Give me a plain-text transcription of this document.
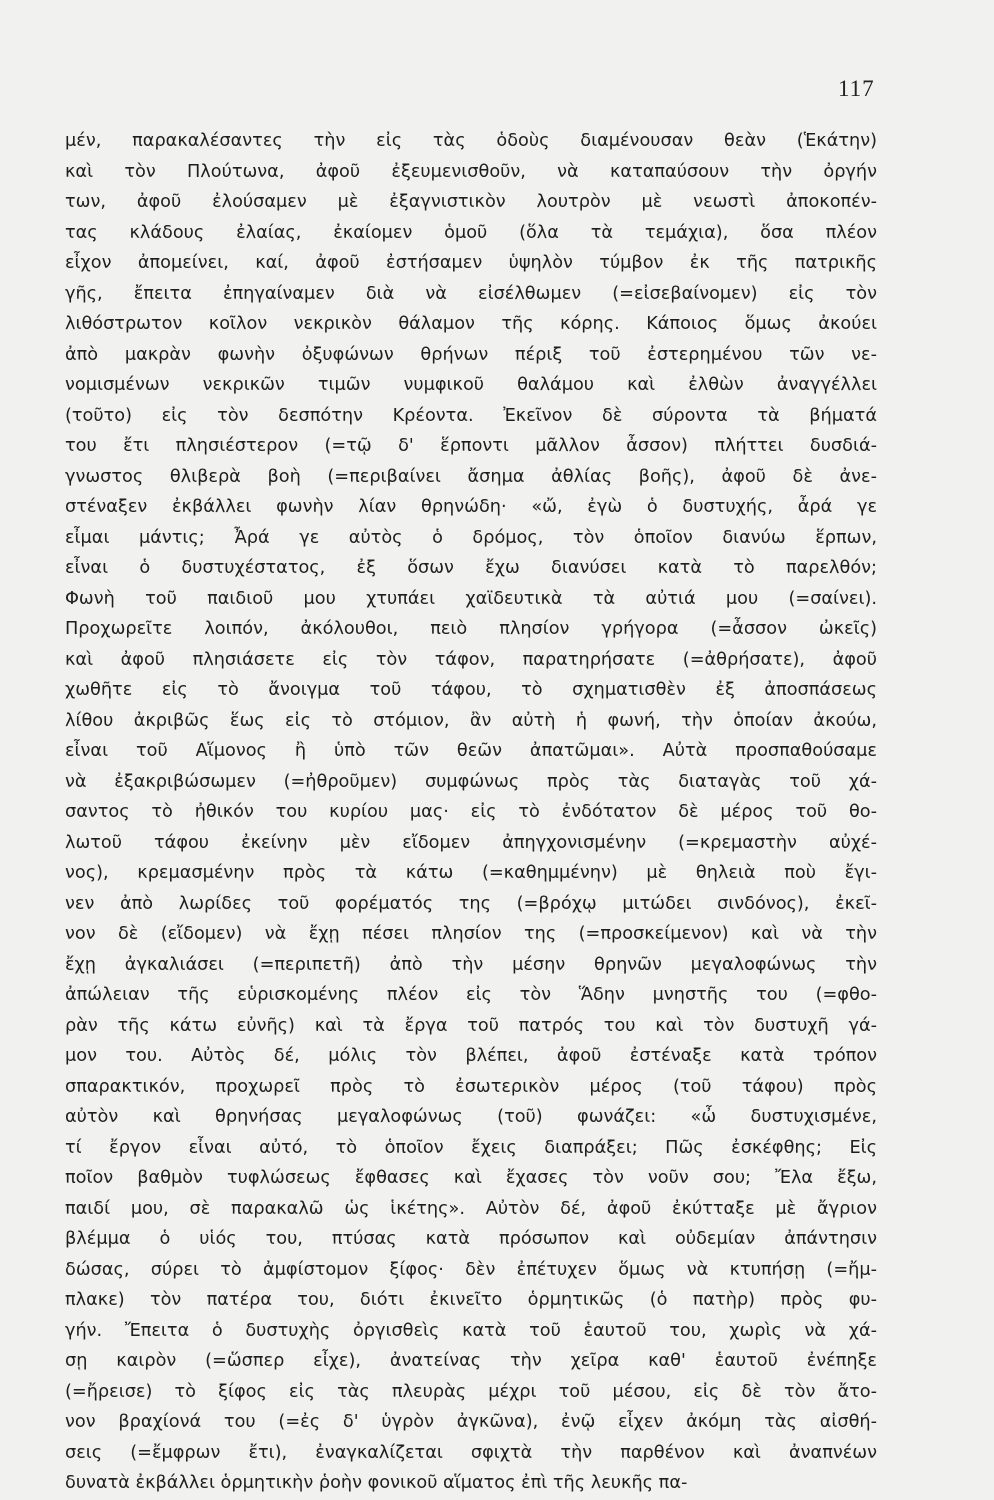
117
μέν, παρακαλέσαντες τὴν εἰς τὰς ὁδοὺς διαμένουσαν θεὰν (Ἑκάτην)
καὶ τὸν Πλούτωνα, ἀφοῦ ἐξευμενισθοῦν, νὰ καταπαύσουν τὴν ὀργήν
των, ἀφοῦ ἐλούσαμεν μὲ ἐξαγνιστικὸν λουτρὸν μὲ νεωστὶ ἀποκοπέν-
τας κλάδους ἐλαίας, ἐκαίομεν ὁμοῦ (ὅλα τὰ τεμάχια), ὅσα πλέον
εἶχον ἀπομείνει, καί, ἀφοῦ ἐστήσαμεν ὑψηλὸν τύμβον ἐκ τῆς πατρικῆς
γῆς, ἔπειτα ἐπηγαίναμεν διὰ νὰ εἰσέλθωμεν (=εἰσεβαίνομεν) εἰς τὸν
λιθόστρωτον κοῖλον νεκρικὸν θάλαμον τῆς κόρης. Κάποιος ὅμως ἀκούει
ἀπὸ μακρὰν φωνὴν ὀξυφώνων θρήνων πέριξ τοῦ ἐστερημένου τῶν νε-
νομισμένων νεκρικῶν τιμῶν νυμφικοῦ θαλάμου καὶ ἐλθὼν ἀναγγέλλει
(τοῦτο) εἰς τὸν δεσπότην Κρέοντα. Ἐκεῖνον δὲ σύροντα τὰ βήματά
του ἔτι πλησιέστερον (=τῷ δ' ἕρποντι μᾶλλον ἆσσον) πλήττει δυσδιά-
γνωστος θλιβερὰ βοὴ (=περιβαίνει ἄσημα ἀθλίας βοῆς), ἀφοῦ δὲ ἀνε-
στέναξεν ἐκβάλλει φωνὴν λίαν θρηνώδη· «ὤ, ἐγὼ ὁ δυστυχής, ἆρά γε
εἶμαι μάντις; Ἆρά γε αὐτὸς ὁ δρόμος, τὸν ὁποῖον διανύω ἕρπων,
εἶναι ὁ δυστυχέστατος, ἐξ ὅσων ἔχω διανύσει κατὰ τὸ παρελθόν;
Φωνὴ τοῦ παιδιοῦ μου χτυπάει χαϊδευτικὰ τὰ αὐτιά μου (=σαίνει).
Προχωρεῖτε λοιπόν, ἀκόλουθοι, πειὸ πλησίον γρήγορα (=ἆσσον ὠκεῖς)
καὶ ἀφοῦ πλησιάσετε εἰς τὸν τάφον, παρατηρήσατε (=ἀθρήσατε), ἀφοῦ
χωθῆτε εἰς τὸ ἄνοιγμα τοῦ τάφου, τὸ σχηματισθὲν ἐξ ἀποσπάσεως
λίθου ἀκριβῶς ἕως εἰς τὸ στόμιον, ἂν αὐτὴ ἡ φωνή, τὴν ὁποίαν ἀκούω,
εἶναι τοῦ Αἵμονος ἢ ὑπὸ τῶν θεῶν ἀπατῶμαι». Αὐτὰ προσπαθούσαμε
νὰ ἐξακριβώσωμεν (=ἠθροῦμεν) συμφώνως πρὸς τὰς διαταγὰς τοῦ χά-
σαντος τὸ ἠθικόν του κυρίου μας· εἰς τὸ ἐνδότατον δὲ μέρος τοῦ θο-
λωτοῦ τάφου ἐκείνην μὲν εἴδομεν ἀπηγχονισμένην (=κρεμαστὴν αὐχέ-
νος), κρεμασμένην πρὸς τὰ κάτω (=καθημμένην) μὲ θηλειὰ ποὺ ἔγι-
νεν ἀπὸ λωρίδες τοῦ φορέματός της (=βρόχῳ μιτώδει σινδόνος), ἐκεῖ-
νον δὲ (εἴδομεν) νὰ ἔχῃ πέσει πλησίον της (=προσκείμενον) καὶ νὰ τὴν
ἔχῃ ἀγκαλιάσει (=περιπετῆ) ἀπὸ τὴν μέσην θρηνῶν μεγαλοφώνως τὴν
ἀπώλειαν τῆς εὑρισκομένης πλέον εἰς τὸν Ἅδην μνηστῆς του (=φθο-
ρὰν τῆς κάτω εὐνῆς) καὶ τὰ ἔργα τοῦ πατρός του καὶ τὸν δυστυχῆ γά-
μον του. Αὐτὸς δέ, μόλις τὸν βλέπει, ἀφοῦ ἐστέναξε κατὰ τρόπον
σπαρακτικόν, προχωρεῖ πρὸς τὸ ἐσωτερικὸν μέρος (τοῦ τάφου) πρὸς
αὐτὸν καὶ θρηνήσας μεγαλοφώνως (τοῦ) φωνάζει: «ὦ δυστυχισμένε,
τί ἔργον εἶναι αὐτό, τὸ ὁποῖον ἔχεις διαπράξει; Πῶς ἐσκέφθης; Εἰς
ποῖον βαθμὸν τυφλώσεως ἔφθασες καὶ ἔχασες τὸν νοῦν σου; Ἔλα ἔξω,
παιδί μου, σὲ παρακαλῶ ὡς ἱκέτης». Αὐτὸν δέ, ἀφοῦ ἐκύτταξε μὲ ἄγριον
βλέμμα ὁ υἱός του, πτύσας κατὰ πρόσωπον καὶ οὐδεμίαν ἀπάντησιν
δώσας, σύρει τὸ ἀμφίστομον ξίφος· δὲν ἐπέτυχεν ὅμως νὰ κτυπήσῃ (=ἤμ-
πλακε) τὸν πατέρα του, διότι ἐκινεῖτο ὁρμητικῶς (ὁ πατὴρ) πρὸς φυ-
γήν. Ἔπειτα ὁ δυστυχὴς ὀργισθεὶς κατὰ τοῦ ἑαυτοῦ του, χωρὶς νὰ χά-
σῃ καιρὸν (=ὥσπερ εἶχε), ἀνατείνας τὴν χεῖρα καθ' ἑαυτοῦ ἐνέπηξε
(=ἤρεισε) τὸ ξίφος εἰς τὰς πλευρὰς μέχρι τοῦ μέσου, εἰς δὲ τὸν ἄτο-
νον βραχίονά του (=ἐς δ' ὑγρὸν ἀγκῶνα), ἐνῷ εἶχεν ἀκόμη τὰς αἰσθή-
σεις (=ἔμφρων ἔτι), ἐναγκαλίζεται σφιχτὰ τὴν παρθένον καὶ ἀναπνέων
δυνατὰ ἐκβάλλει ὁρμητικὴν ῥοὴν φονικοῦ αἵματος ἐπὶ τῆς λευκῆς πα-
